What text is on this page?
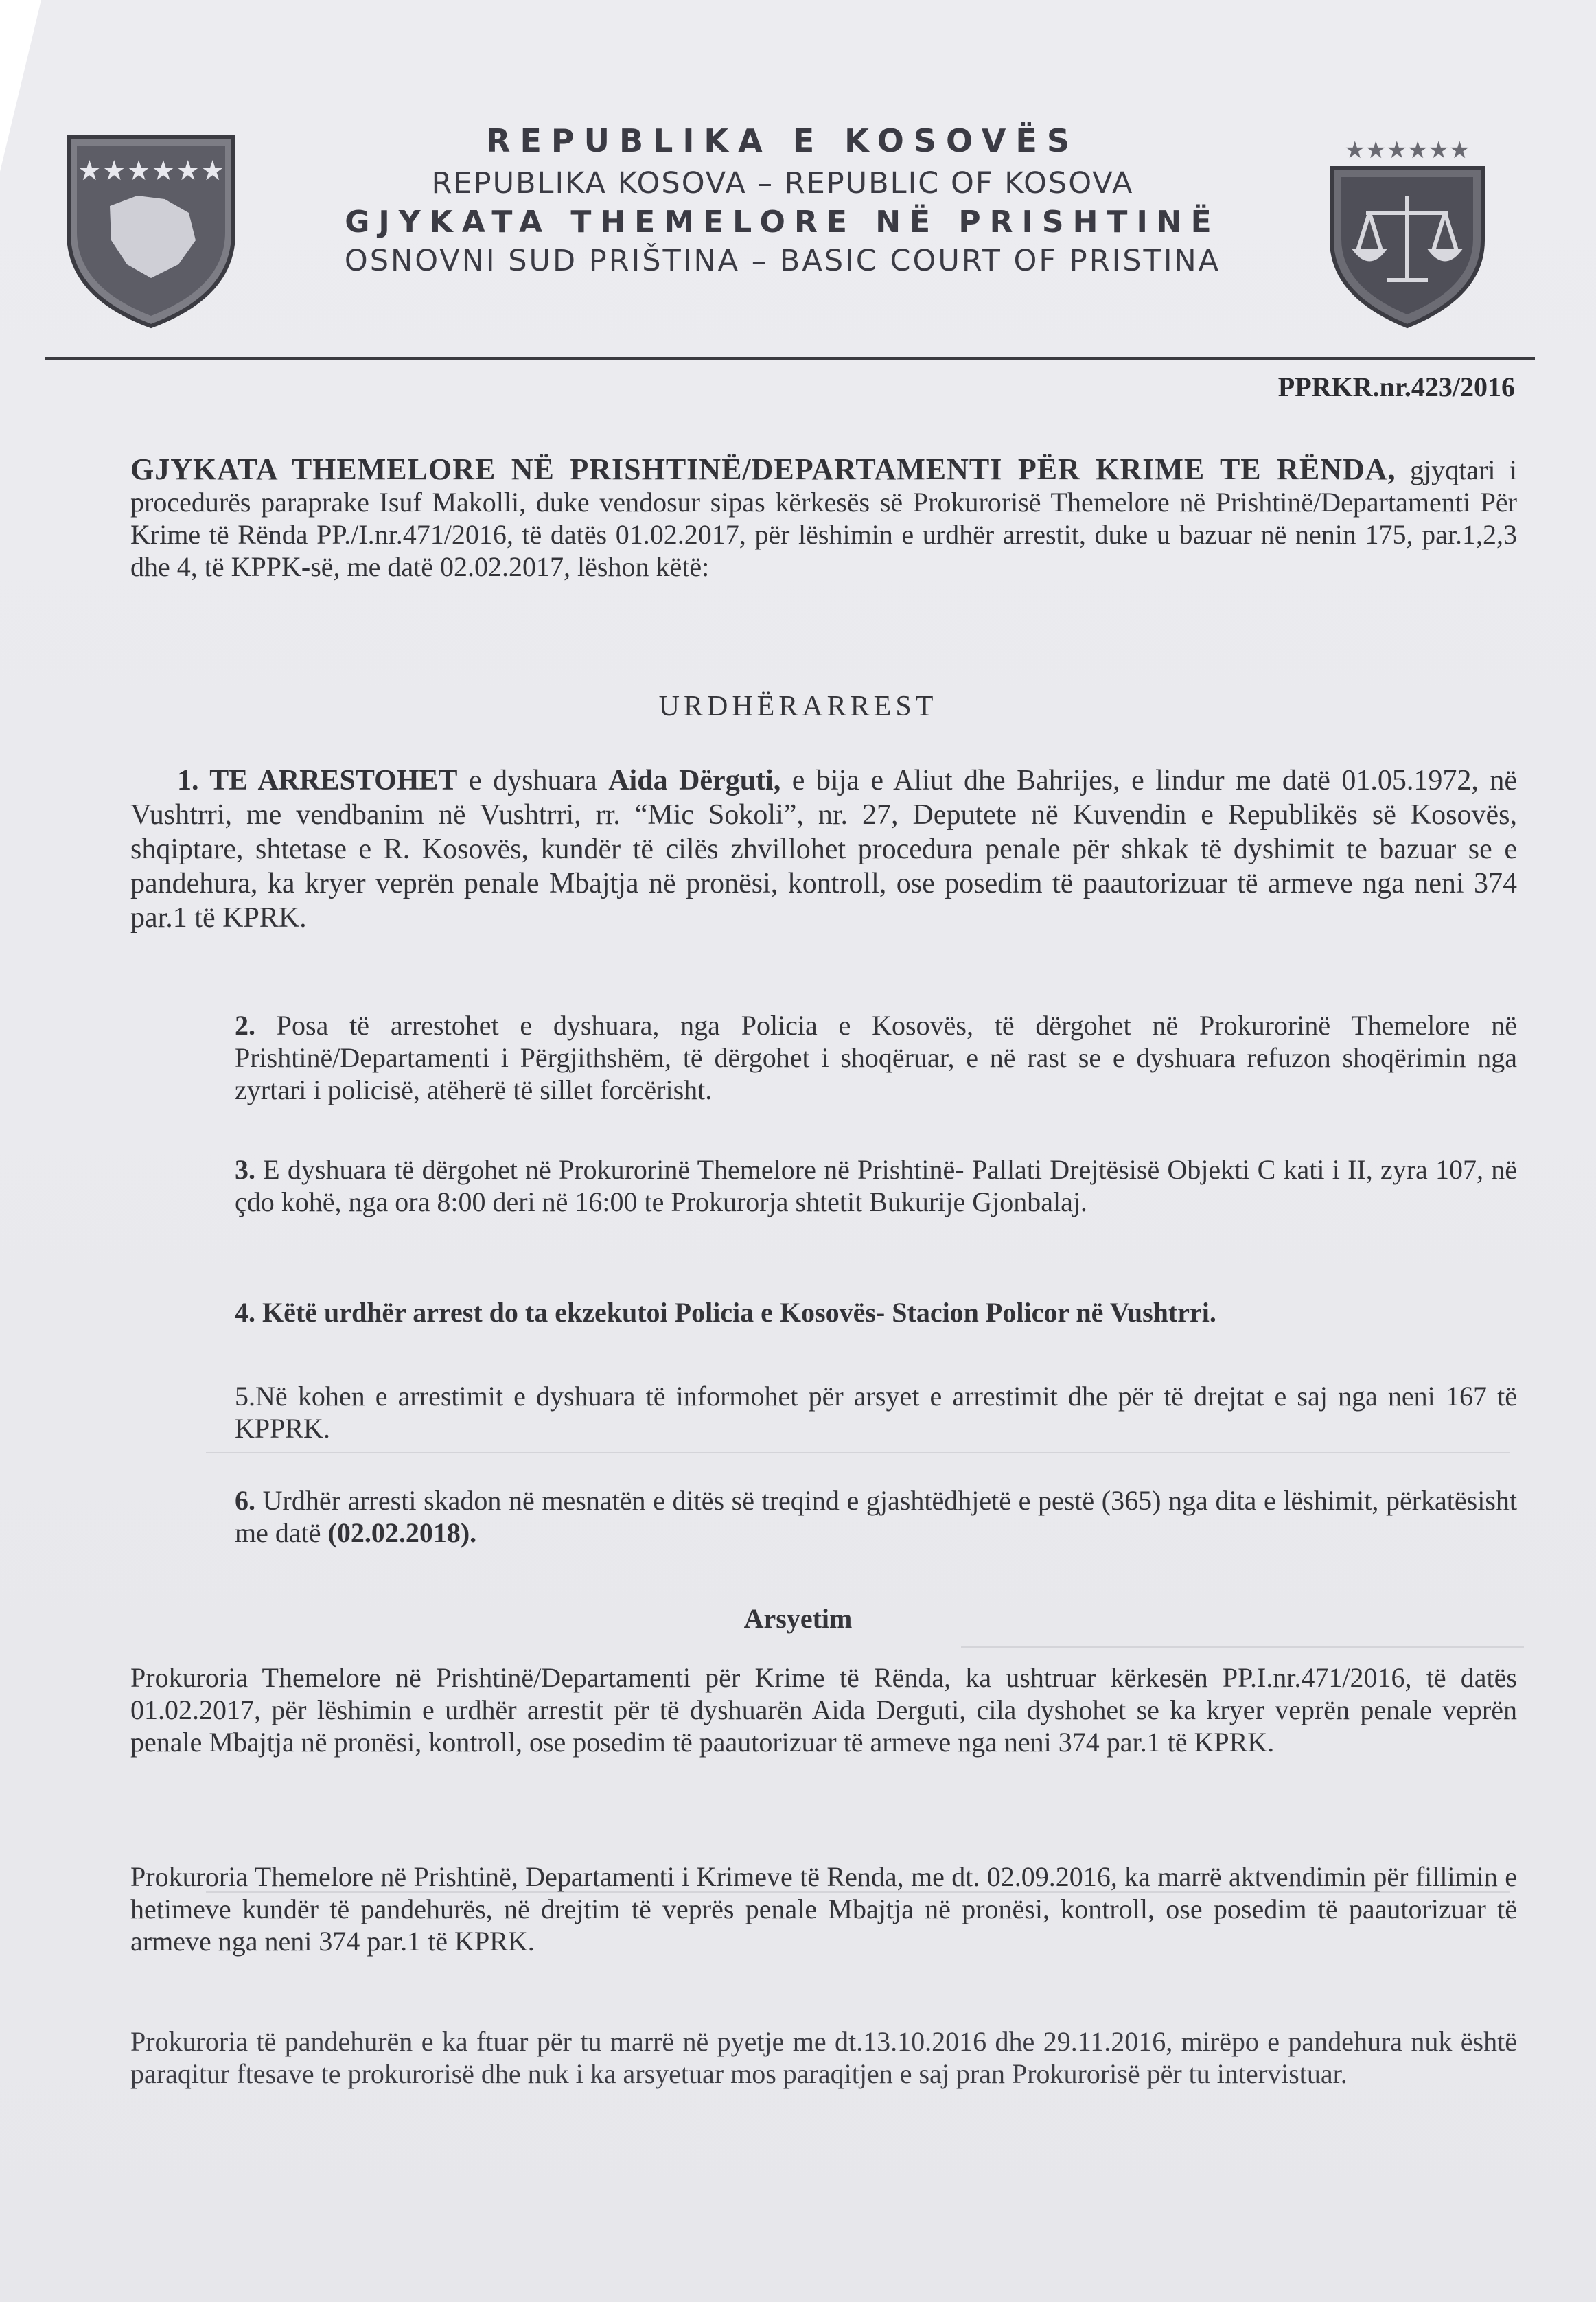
★★★★★★
REPUBLIKA E KOSOVËS
REPUBLIKA KOSOVA – REPUBLIC OF KOSOVA
GJYKATA THEMELORE NË PRISHTINË
OSNOVNI SUD PRIŠTINA – BASIC COURT OF PRISTINA
★★★★★★
PPRKR.nr.423/2016
GJYKATA THEMELORE NË PRISHTINË/DEPARTAMENTI PËR KRIME TE RËNDA, gjyqtari i procedurës paraprake Isuf Makolli, duke vendosur sipas kërkesës së Prokurorisë Themelore në Prishtinë/Departamenti Për Krime të Rënda PP./I.nr.471/2016, të datës 01.02.2017, për lëshimin e urdhër arrestit, duke u bazuar në nenin 175, par.1,2,3 dhe 4, të KPPK-së, me datë 02.02.2017, lëshon këtë:
URDHËRARREST
1. TE ARRESTOHET e dyshuara Aida Dërguti, e bija e Aliut dhe Bahrijes, e lindur me datë 01.05.1972, në Vushtrri, me vendbanim në Vushtrri, rr. “Mic Sokoli”, nr. 27, Deputete në Kuvendin e Republikës së Kosovës, shqiptare, shtetase e R. Kosovës, kundër të cilës zhvillohet procedura penale për shkak të dyshimit te bazuar se e pandehura, ka kryer veprën penale Mbajtja në pronësi, kontroll, ose posedim të paautorizuar të armeve nga neni 374 par.1 të KPRK.
2. Posa të arrestohet e dyshuara, nga Policia e Kosovës, të dërgohet në Prokurorinë Themelore në Prishtinë/Departamenti i Përgjithshëm, të dërgohet i shoqëruar, e në rast se e dyshuara refuzon shoqërimin nga zyrtari i policisë, atëherë të sillet forcërisht.
3. E dyshuara të dërgohet në Prokurorinë Themelore në Prishtinë- Pallati Drejtësisë Objekti C kati i II, zyra 107, në çdo kohë, nga ora 8:00 deri në 16:00 te Prokurorja shtetit Bukurije Gjonbalaj.
4. Këtë urdhër arrest do ta ekzekutoi Policia e Kosovës- Stacion Policor në Vushtrri.
5.Në kohen e arrestimit e dyshuara të informohet për arsyet e arrestimit dhe për të drejtat e saj nga neni 167 të KPPRK.
6. Urdhër arresti skadon në mesnatën e ditës së treqind e gjashtëdhjetë e pestë (365) nga dita e lëshimit, përkatësisht me datë (02.02.2018).
Arsyetim
Prokuroria Themelore në Prishtinë/Departamenti për Krime të Rënda, ka ushtruar kërkesën PP.I.nr.471/2016, të datës 01.02.2017, për lëshimin e urdhër arrestit për të dyshuarën Aida Derguti, cila dyshohet se ka kryer veprën penale veprën penale Mbajtja në pronësi, kontroll, ose posedim të paautorizuar të armeve nga neni 374 par.1 të KPRK.
Prokuroria Themelore në Prishtinë, Departamenti i Krimeve të Renda, me dt. 02.09.2016, ka marrë aktvendimin për fillimin e hetimeve kundër të pandehurës, në drejtim të veprës penale Mbajtja në pronësi, kontroll, ose posedim të paautorizuar të armeve nga neni 374 par.1 të KPRK.
Prokuroria të pandehurën e ka ftuar për tu marrë në pyetje me dt.13.10.2016 dhe 29.11.2016, mirëpo e pandehura nuk është paraqitur ftesave te prokurorisë dhe nuk i ka arsyetuar mos paraqitjen e saj pran Prokurorisë për tu intervistuar.
